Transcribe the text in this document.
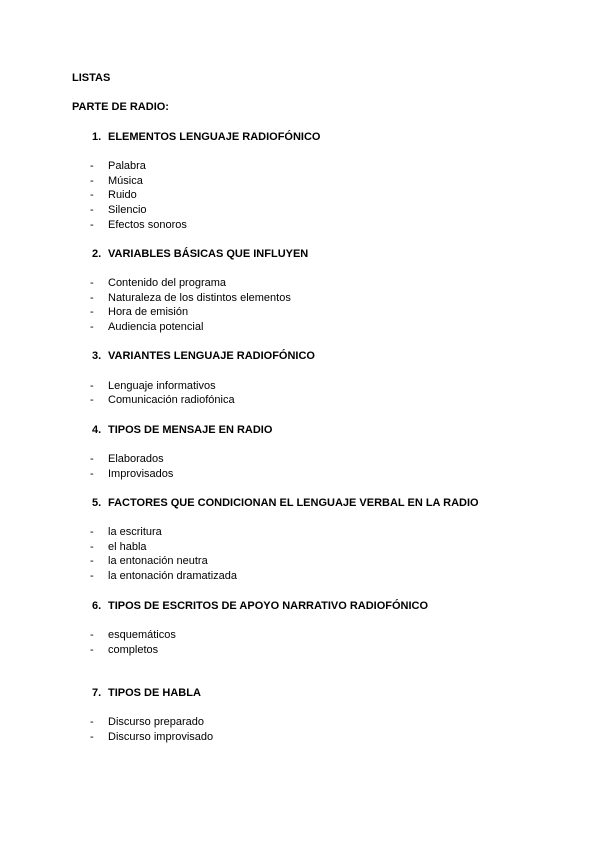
LISTAS
PARTE DE RADIO:
1. ELEMENTOS LENGUAJE RADIOFÓNICO
- Palabra
- Música
- Ruido
- Silencio
- Efectos sonoros
2. VARIABLES BÁSICAS QUE INFLUYEN
- Contenido del programa
- Naturaleza de los distintos elementos
- Hora de emisión
- Audiencia potencial
3. VARIANTES LENGUAJE RADIOFÓNICO
- Lenguaje informativos
- Comunicación radiofónica
4. TIPOS DE MENSAJE EN RADIO
- Elaborados
- Improvisados
5. FACTORES QUE CONDICIONAN EL LENGUAJE VERBAL EN LA RADIO
- la escritura
- el habla
- la entonación neutra
- la entonación dramatizada
6. TIPOS DE ESCRITOS DE APOYO NARRATIVO RADIOFÓNICO
- esquemáticos
- completos
7. TIPOS DE HABLA
- Discurso preparado
- Discurso improvisado
